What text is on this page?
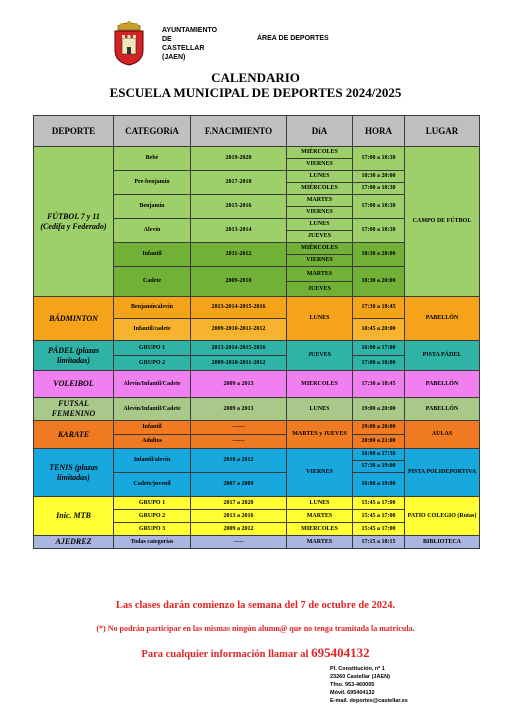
AYUNTAMIENTO
DE
CASTELLAR
(JAEN)
ÁREA DE DEPORTES
CALENDARIO
ESCUELA MUNICIPAL DE DEPORTES 2024/2025
DEPORTE	CATEGORíA	F.NACIMIENTO	DíA	HORA	LUGAR
FÚTBOL 7 y 11 (Cedifa y Federado)	Bebé	2019-2020	MIÉRCOLES	17:00 a 18:30	CAMPO DE FÚTBOL
			VIERNES		
	Pre-benjamín	2017-2018	LUNES	18:30 a 20:00	
			MIÉRCOLES	17:00 a 18:30	
	Benjamín	2015-2016	MARTES	17:00 a 18:30	
			VIERNES		
	Alevín	2013-2014	LUNES	17:00 a 18:30	
			JUEVES		
	Infantil	2011-2012	MIÉRCOLES	18:30 a 20:00	
			VIERNES		
	Cadete	2009-2010	MARTES	18:30 a 20:00	
			JUEVES		
BÁDMINTON	Benjamín/alevín	2013-2014-2015-2016	LUNES	17:30 a 18:45	PABELLÓN
	Infantil/cadete	2009-2010-2011-2012		18:45 a 20:00	
PÁDEL (plazas limitadas)	GRUPO 1	2013-2014-2015-2016	JUEVES	16:00 a 17:00	PISTA PÁDEL
	GRUPO 2	2009-2010-2011-2012		17:00 a 18:00	
VOLEIBOL	Alevín/Infantil/Cadete	2009 a 2013	MIERCOLES	17:30 a 18:45	PABELLÓN
FUTSAL FEMENINO	Alevín/Infantil/Cadete	2009 a 2013	LUNES	19:00 a 20:00	PABELLÓN
KARATE	Infantil	------	MARTES y JUEVES	19:00 a 20:00	AULAS
	Adultos	------		20:00 a 21:00	
TENIS (plazas limitadas)	Infantil/alevín	2010 a 2012	VIERNES	16:00 a 17:30	PISTA POLIDEPORTIVA
				17:30 a 19:00	
	Cadete/juvenil	2007 a 2009		16:00 a 19:00	

Inic. MTB	GRUPO 1	2017 a 2020	LUNES	15:45 a 17:00	PATIO COLEGIO (Rutas)
	GRUPO 2	2013 a 2016	MARTES	15:45 a 17:00	
	GRUPO 3	2009 a 2012	MIERCOLES	15:45 a 17:00	
AJEDREZ	Todas categorías	-----	MARTES	17:15 a 18:15	BIBLIOTECA
Las clases darán comienzo la semana del 7 de octubre de 2024.
(*) No podrán participar en las mismas ningún alumn@ que no tenga tramitada la matricula.
Para cualquier información llamar al 695404132
Pl. Constitución, nº 1
23260 Castellar (JAEN)
Tfno. 953-460005
Móvil. 695404132
E-mail. deportes@castellar.es
